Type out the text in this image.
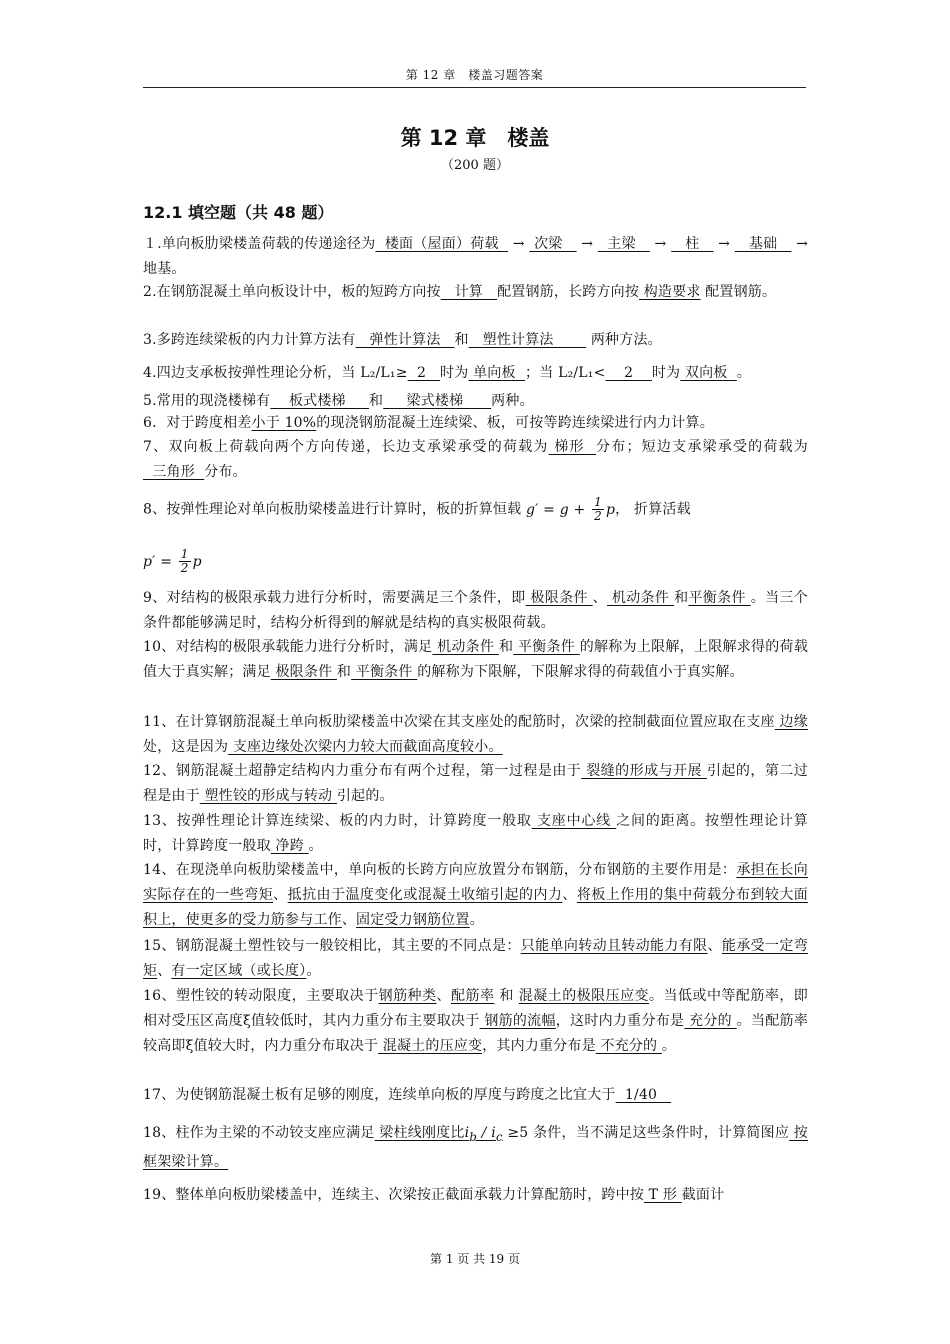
第 12 章　楼盖习题答案
第 12 章　楼盖
（200 题）
12.1 填空题（共 48 题）
１.单向板肋梁楼盖荷载的传递途径为  楼面（屋面）荷载   →  次梁    →   主梁    →    柱    →    基础    → 地基。
2.在钢筋混凝土单向板设计中，板的短跨方向按   计算   配置钢筋，长跨方向按 构造要求 配置钢筋。
3.多跨连续梁板的内力计算方法有   弹性计算法   和   塑性计算法        两种方法。
4.四边支承板按弹性理论分析，当 L₂/L₁≥  2   时为 单向板  ；当 L₂/L₁<    2    时为 双向板  。
5.常用的现浇楼梯有    板式楼梯     和     梁式楼梯      两种。
6．对于跨度相差小于 10%的现浇钢筋混凝土连续梁、板，可按等跨连续梁进行内力计算。
7、双向板上荷载向两个方向传递，长边支承梁承受的荷载为 梯形  分布；短边支承梁承受的荷载为  三角形  分布。
8、按弹性理论对单向板肋梁楼盖进行计算时，板的折算恒载 $g' = g + \frac{1}{2}$ p， 折算活载
$p' = \frac{1}{2}$ p
9、对结构的极限承载力进行分析时，需要满足三个条件，即 极限条件 、 机动条件 和平衡条件 。当三个条件都能够满足时，结构分析得到的解就是结构的真实极限荷载。
10、对结构的极限承载能力进行分析时，满足 机动条件 和 平衡条件 的解称为上限解，上限解求得的荷载值大于真实解；满足 极限条件 和 平衡条件 的解称为下限解，下限解求得的荷载值小于真实解。
11、在计算钢筋混凝土单向板肋梁楼盖中次梁在其支座处的配筋时，次梁的控制截面位置应取在支座 边缘 处，这是因为 支座边缘处次梁内力较大而截面高度较小。
12、钢筋混凝土超静定结构内力重分布有两个过程，第一过程是由于 裂缝的形成与开展 引起的，第二过程是由于 塑性铰的形成与转动 引起的。
13、按弹性理论计算连续梁、板的内力时，计算跨度一般取 支座中心线 之间的距离。按塑性理论计算时，计算跨度一般取 净跨 。
14、在现浇单向板肋梁楼盖中，单向板的长跨方向应放置分布钢筋，分布钢筋的主要作用是：承担在长向实际存在的一些弯矩、抵抗由于温度变化或混凝土收缩引起的内力、将板上作用的集中荷载分布到较大面积上，使更多的受力筋参与工作、固定受力钢筋位置。
15、钢筋混凝土塑性铰与一般铰相比，其主要的不同点是：只能单向转动且转动能力有限、能承受一定弯矩、有一定区域（或长度）。
16、塑性铰的转动限度，主要取决于钢筋种类、配筋率 和 混凝土的极限压应变。当低或中等配筋率，即相对受压区高度ξ值较低时，其内力重分布主要取决于 钢筋的流幅，这时内力重分布是 充分的 。当配筋率较高即ξ值较大时，内力重分布取决于 混凝土的压应变，其内力重分布是 不充分的 。
17、为使钢筋混凝土板有足够的刚度，连续单向板的厚度与跨度之比宜大于  1/40
18、柱作为主梁的不动铰支座应满足 梁柱线刚度比$i_b / i_c \ge 5$ 条件，当不满足这些条件时，计算简图应 按框架梁计算。
19、整体单向板肋梁楼盖中，连续主、次梁按正截面承载力计算配筋时，跨中按 T 形 截面计
第 1 页 共 19 页
